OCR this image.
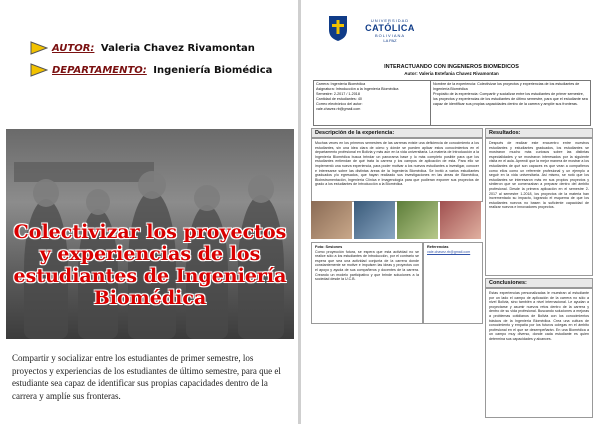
AUTOR: Valeria Chavez Rivamontan
DEPARTAMENTO: Ingeniería Biomédica
Colectivizar los proyectos y experiencias de los estudiantes de Ingeniería Biomédica
Compartir y socializar entre los estudiantes de primer semestre, los proyectos y experiencias de los estudiantes de último semestre, para que el estudiante sea capaz de identificar sus propias capacidades dentro de la carrera y amplíe sus fronteras.
UNIVERSIDAD
CATÓLICA
BOLIVIANA
LA PAZ
INTERACTUANDO CON INGENIEROS BIOMEDICOS
Autor: Valeria Estefania Chavez Rivamontan
Carrera: Ingeniería Biomédica
Asignatura: Introducción a la Ingeniería Biomédica
Semestre: 2-2017 / 1-2018
Cantidad de estudiantes: 40
Correo electrónico del autor:
vale.chavez.rb@gmail.com
Nombre de la experiencia: Colectivizar los proyectos y experiencias de los estudiantes de Ingeniería Biomédica
Propósito de la experiencia: Compartir y socializar entre los estudiantes de primer semestre, los proyectos y experiencias de los estudiantes de último semestre, para que el estudiante sea capaz de identificar sus propias capacidades dentro de la carrera y amplíe sus fronteras.
Descripción de la experiencia:
Muchas veces en los primeros semestres de las carreras existe una deficiencia de conocimiento a los estudiantes, sin una idea clara de cómo y dónde se pueden aplicar estos conocimientos en el departamento profesional en Bolivia y más aún en la vida universitaria. La materia de Introducción a la Ingeniería Biomédica busca brindar un panorama base y lo más completo posible para que los estudiantes entiendan de qué trata la carrera y los campos de aplicación de esta. Para ello se implementó una nueva experiencia, para poder motivar a los nuevos estudiantes a investigar, conocer e interesarse sobre las distintas áreas de la Ingeniería Biomédica. Se invitó a varios estudiantes graduados y/o egresados, que hayan realizado sus investigaciones en las áreas de Biomédica, Bioinstrumentación, Ingeniería Clínica e Imagenología para que pudieran exponer sus proyectos de grado a los estudiantes de Introducción a la Biomédica.
Foto: Sesiones
Como proyección futura, se espera que esta actividad no se realice sólo a los estudiantes de introducción, por el contrario se espera que sea una actividad conjunta de la carrera donde constantemente se motive e impulsen las ideas y proyectos con el apoyo y ayuda de sus compañeros y docentes de la carrera. Creando un modelo participativo y que brinde soluciones a la sociedad desde la U.C.B.
Referencias
vale.chavez.rb@gmail.com
Resultados:
Después de realizar este encuentro entre nuestros estudiantes y estudiantes graduados, los estudiantes se mostraron mucho más curiosos sobre las distintas especialidades y se mostraron interesados por la siguiente visita en el aula. Aprendí que la mejor manera de mostrar a los estudiantes de qué son capaces es que vean a compañeros como ellos como un referente profesional y un ejemplo a seguir en la vida universitaria. Así mismo, se notó que los estudiantes se interesaron más en sus propios proyectos y sintieron que se comenzaban a preparar dentro del ámbito profesional. Desde la primera aplicación en el semestre 2-2017 al semestre 1-2018, los proyectos de la materia han incrementado su impacto, logrando el esquema de que los estudiantes nuevos no basen la suficiente capacidad de realizar nuevos e innovadores proyectos.
Conclusiones:
Estas experiencias personalizadas le muestran al estudiante por un lado el campo de aplicación de la carrera no sólo a nivel Bolivia, sino también a nivel internacional. Le ayudan a proyectarse y asumir nuevos retos dentro de la carrera y dentro de su vida profesional. Buscando soluciones a mejoras a problemas cotidianos de Bolivia con los conocimientos básicos de la Ingeniería Biomédica. Crea una cultura de conocimiento y empatía por los futuros colegas en el ámbito profesional en el que se desempeñarán. En una Biomédica a un campo muy diverso, donde cada estudiante es quien determina sus capacidades y alcances.
